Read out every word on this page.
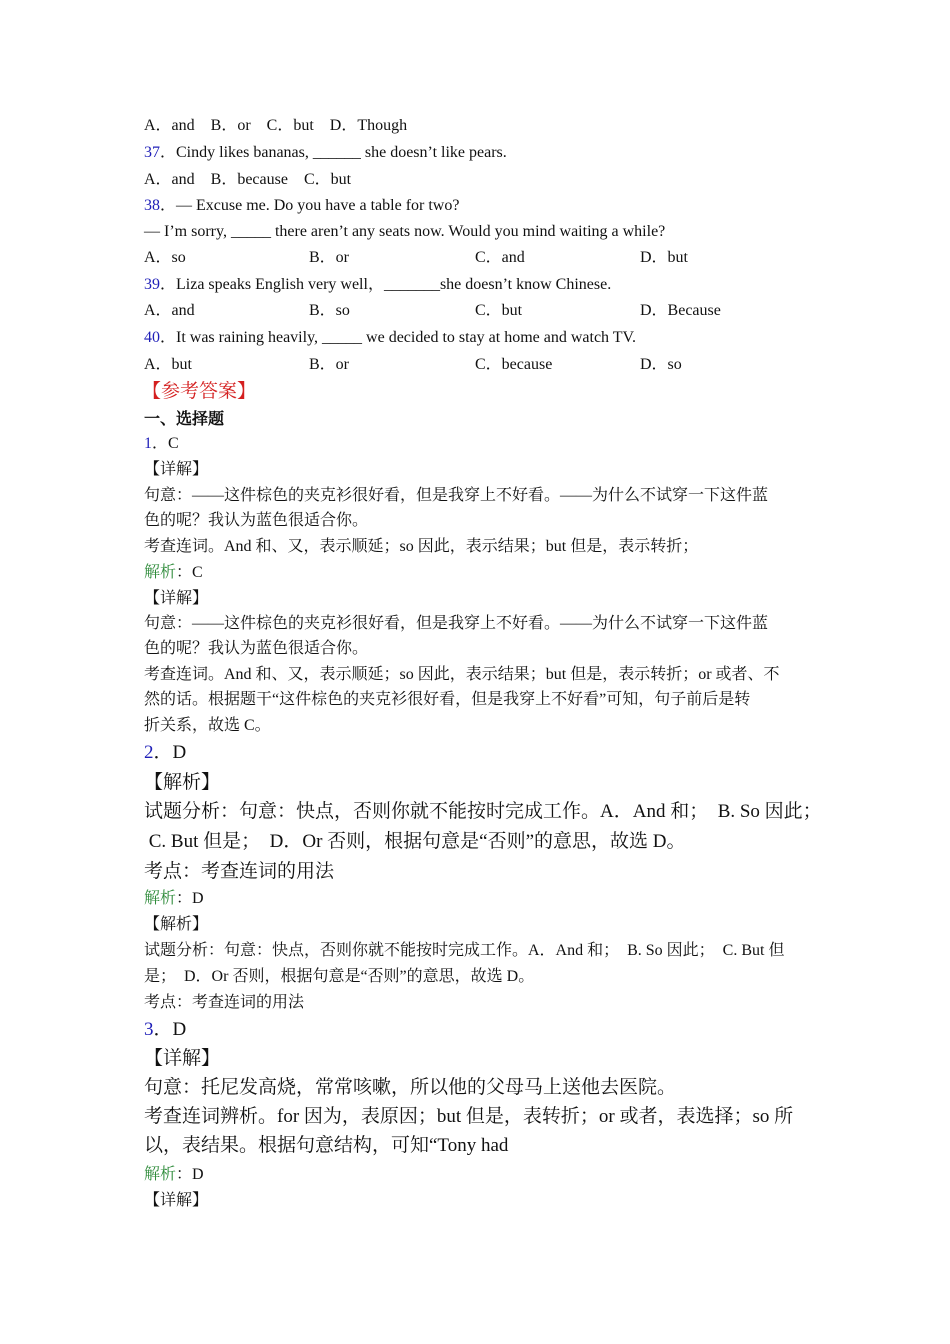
A．and　B．or　C．but　D．Though
37．Cindy likes bananas, ______ she doesn’t like pears.
A．and　B．because　C．but
38．— Excuse me. Do you have a table for two?
— I’m sorry, _____ there aren’t any seats now. Would you mind waiting a while?
A．so	B．or	C．and	D．but
39．Liza speaks English very well，_______she doesn’t know Chinese.
A．and	B．so	C．but	D．Because
40．It was raining heavily, _____ we decided to stay at home and watch TV.
A．but	B．or	C．because	D．so
【参考答案】
一、选择题
1．C
【详解】
句意：——这件棕色的夹克衫很好看，但是我穿上不好看。——为什么不试穿一下这件蓝
色的呢？我认为蓝色很适合你。
考查连词。And 和、又，表示顺延；so 因此，表示结果；but 但是，表示转折；
解析：C
【详解】
句意：——这件棕色的夹克衫很好看，但是我穿上不好看。——为什么不试穿一下这件蓝
色的呢？我认为蓝色很适合你。
考查连词。And 和、又，表示顺延；so 因此，表示结果；but 但是，表示转折；or 或者、不
然的话。根据题干“这件棕色的夹克衫很好看，但是我穿上不好看”可知，句子前后是转
折关系，故选 C。
2．D
【解析】
试题分析：句意：快点，否则你就不能按时完成工作。A．And 和；  B. So 因此；
C. But 但是；  D．Or 否则，根据句意是“否则”的意思，故选 D。
考点：考查连词的用法
解析：D
【解析】
试题分析：句意：快点，否则你就不能按时完成工作。A．And 和；  B. So 因此；  C. But 但
是；  D．Or 否则，根据句意是“否则”的意思，故选 D。
考点：考查连词的用法
3．D
【详解】
句意：托尼发高烧，常常咳嗽，所以他的父母马上送他去医院。
考查连词辨析。for 因为，表原因；but 但是，表转折；or 或者，表选择；so 所
以，表结果。根据句意结构，可知“Tony had
解析：D
【详解】
